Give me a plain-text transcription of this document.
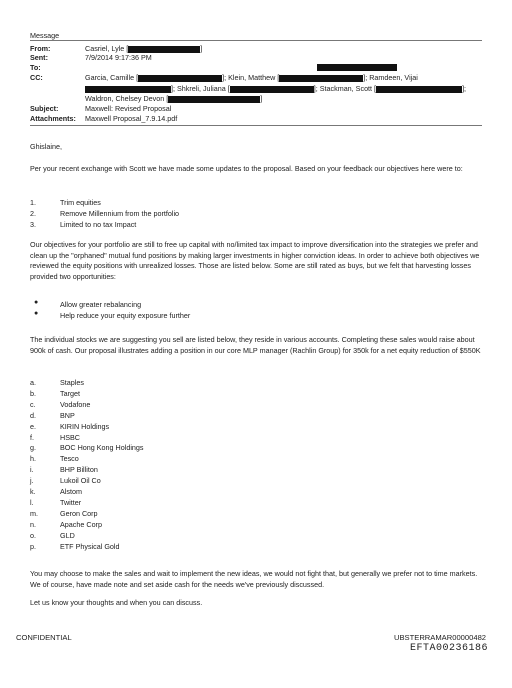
Message
From:	Casriel, Lyle [	]
Sent:	7/9/2014 9:17:36 PM
To:
CC:	Garcia, Camille [	]; Klein, Matthew [	]; Ramdeen, Vijai
]; Shkreli, Juliana [	]; Stackman, Scott [	];
Waldron, Chelsey Devon [	]
Subject:	Maxwell: Revised Proposal
Attachments: Maxwell Proposal_7.9.14.pdf
Ghislaine,
Per your recent exchange with Scott we have made some updates to the proposal. Based on your feedback our objectives here were to:
1.	Trim equities
2.	Remove Millennium from the portfolio
3.	Limited to no tax Impact
Our objectives for your portfolio are still to free up capital with no/limited tax impact to improve diversification into the strategies we prefer and clean up the "orphaned" mutual fund positions by making larger investments in higher conviction ideas. In order to achieve both objectives we reviewed the equity positions with unrealized losses. Those are listed below. Some are still rated as buys, but we felt that harvesting losses provided two opportunities:
●	Allow greater rebalancing
●	Help reduce your equity exposure further
The individual stocks we are suggesting you sell are listed below, they reside in various accounts. Completing these sales would raise about 900k of cash. Our proposal illustrates adding a position in our core MLP manager (Rachlin Group) for 350k for a net equity reduction of $550K
a.	Staples
b.	Target
c.	Vodafone
d.	BNP
e.	KIRIN Holdings
f.	HSBC
g.	BOC Hong Kong Holdings
h.	Tesco
i.	BHP Billiton
j.	Lukoil Oil Co
k.	Alstom
l.	Twitter
m.	Geron Corp
n.	Apache Corp
o.	GLD
p.	ETF Physical Gold
You may choose to make the sales and wait to implement the new ideas, we would not fight that, but generally we prefer not to time markets. We of course, have made note and set aside cash for the needs we've previously discussed.
Let us know your thoughts and when you can discuss.
CONFIDENTIAL	UBSTERRAMAR00000482
EFTA00236186
